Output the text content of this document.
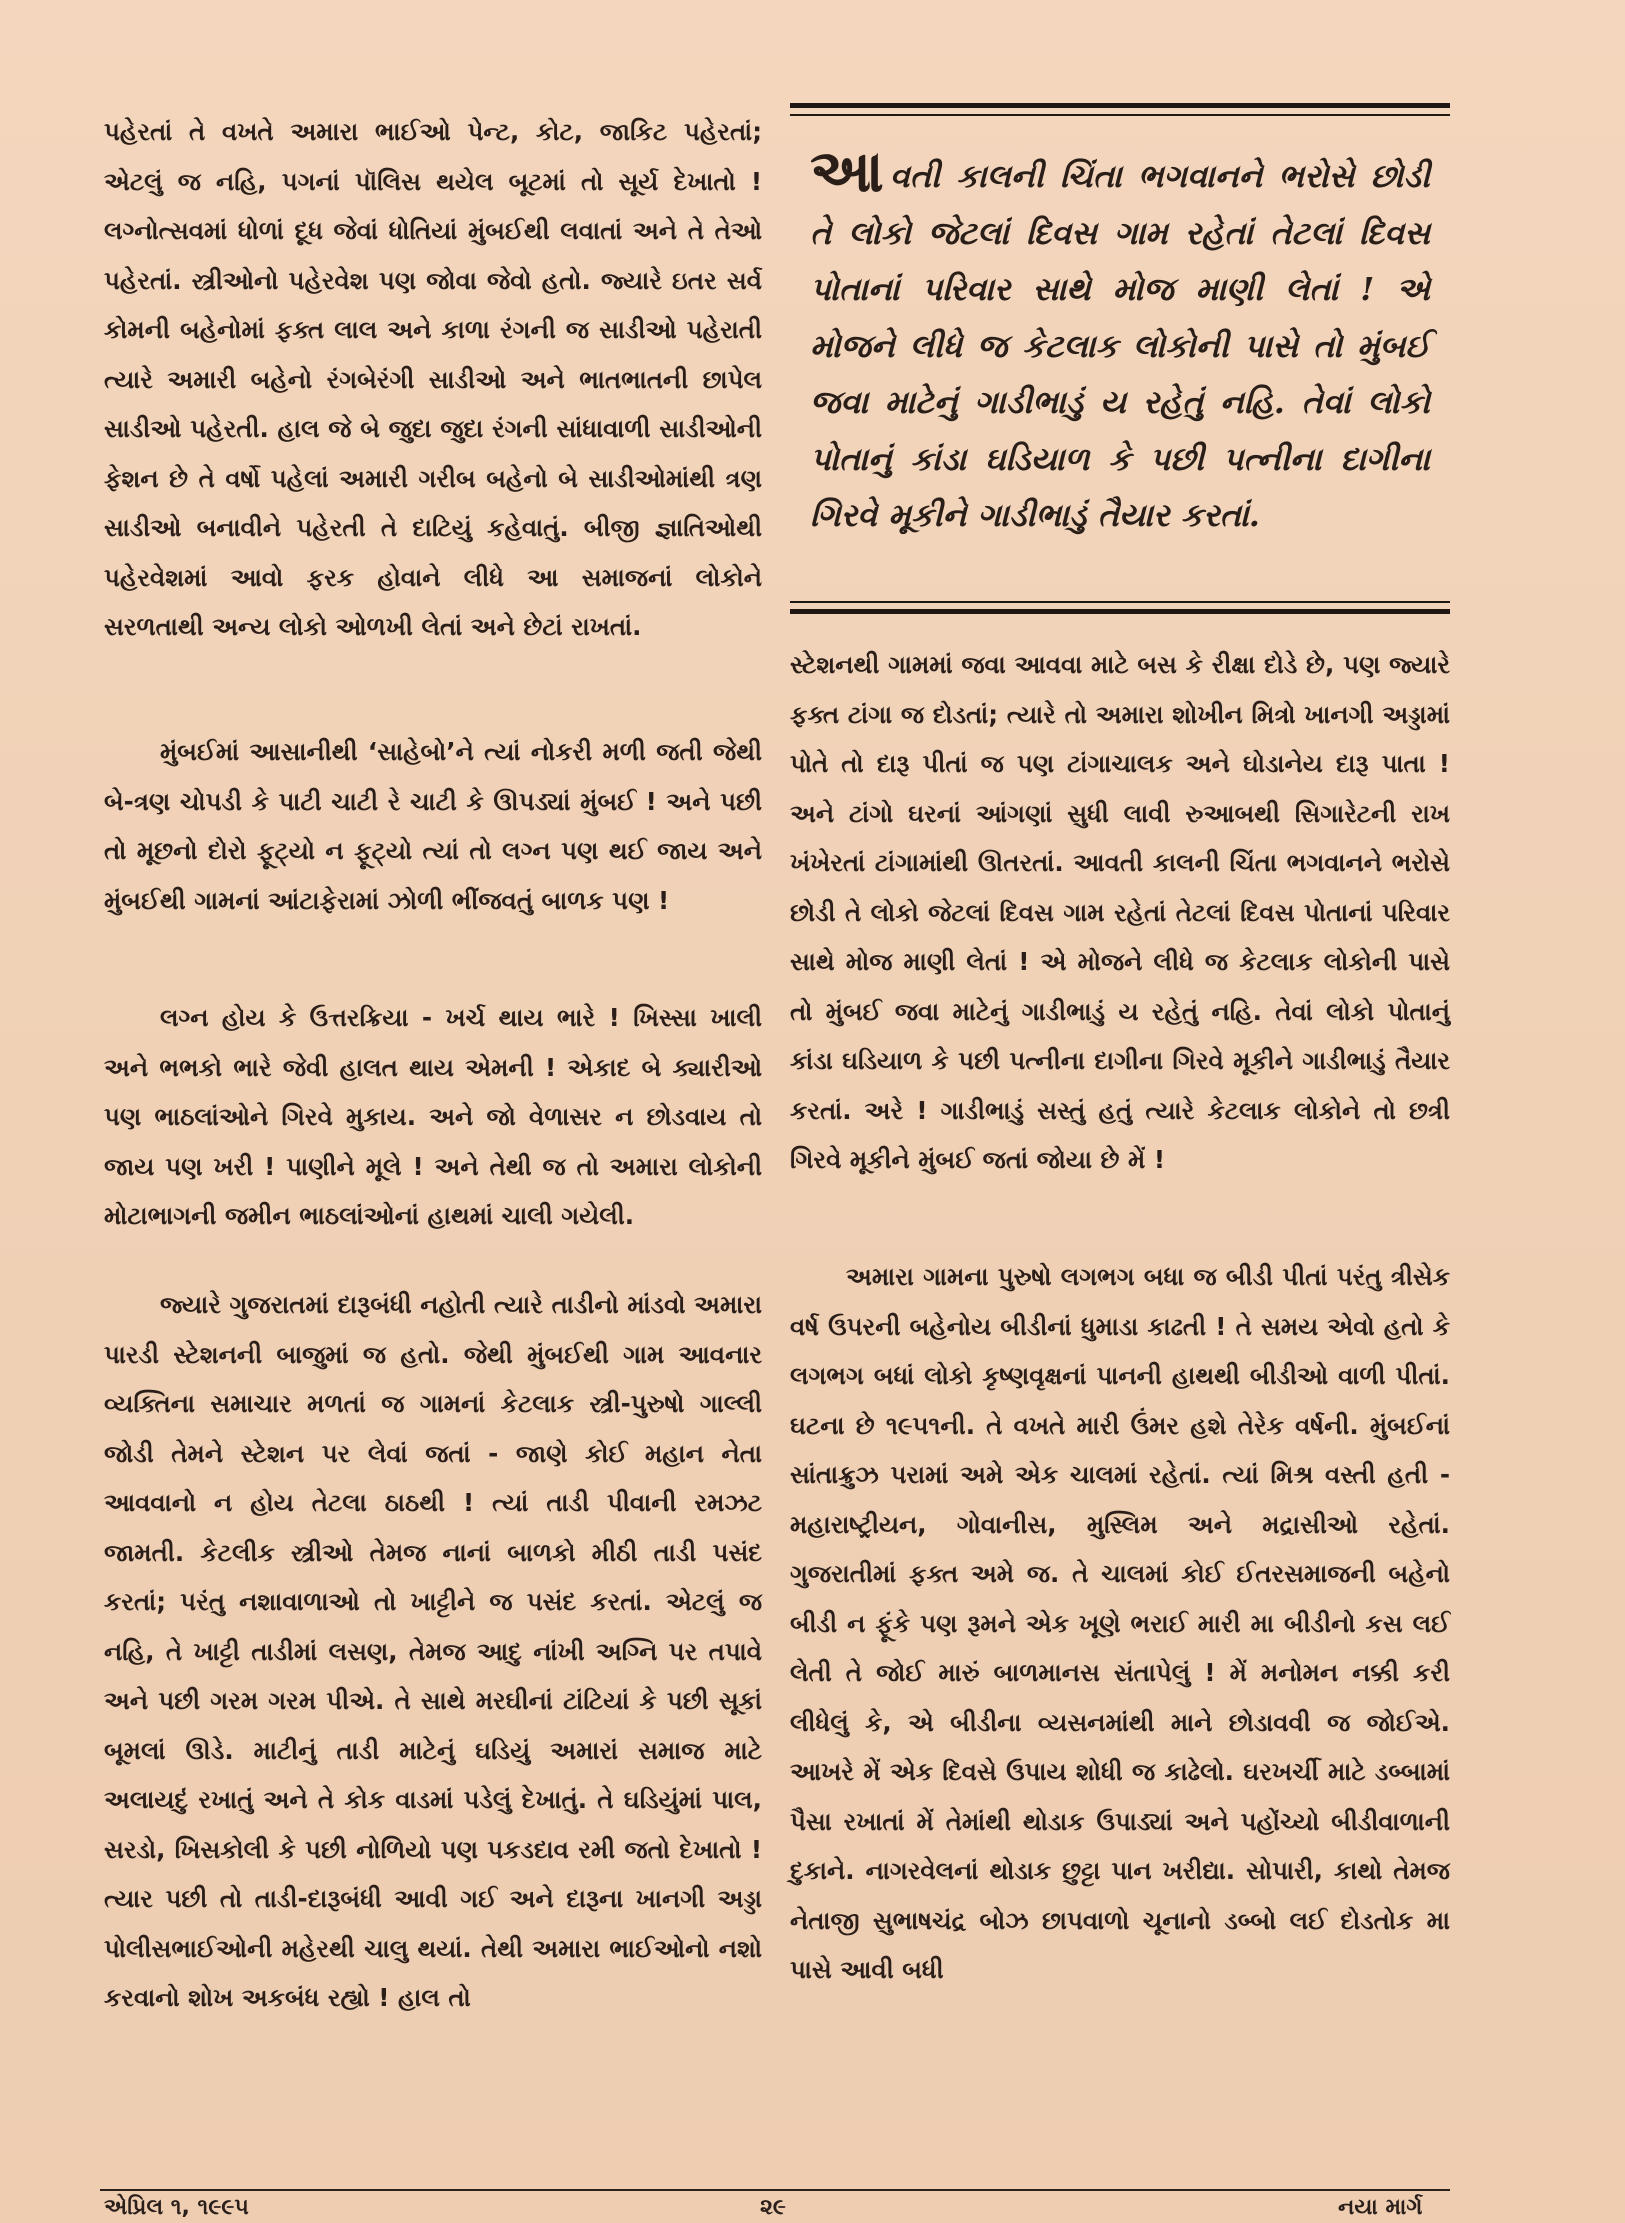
પહેરતાં તે વખતે અમારા ભાઈઓ પેન્ટ, કોટ, જાકિટ પહેરતાં; એટલું જ નહિ, પગનાં પૉલિસ થયેલ બૂટમાં તો સૂર્ય દેખાતો ! લગ્નોત્સવમાં ધોળાં દૂધ જેવાં ધોતિયાં મુંબઈથી લવાતાં અને તે તેઓ પહેરતાં. સ્ત્રીઓનો પહેરવેશ પણ જોવા જેવો હતો. જ્યારે ઇતર સર્વ કોમની બહેનોમાં ફક્ત લાલ અને કાળા રંગની જ સાડીઓ પહેરાતી ત્યારે અમારી બહેનો રંગબેરંગી સાડીઓ અને ભાતભાતની છાપેલ સાડીઓ પહેરતી. હાલ જે બે જુદા જુદા રંગની સાંધાવાળી સાડીઓની ફેશન છે તે વર્ષો પહેલાં અમારી ગરીબ બહેનો બે સાડીઓમાંથી ત્રણ સાડીઓ બનાવીને પહેરતી તે દાટિયું કહેવાતું. બીજી જ્ઞાતિઓથી પહેરવેશમાં આવો ફરક હોવાને લીધે આ સમાજનાં લોકોને સરળતાથી અન્ય લોકો ઓળખી લેતાં અને છેટાં રાખતાં.

મુંબઈમાં આસાનીથી ‘સાહેબો’ને ત્યાં નોકરી મળી જતી જેથી બે-ત્રણ ચોપડી કે પાટી ચાટી રે ચાટી કે ઊપડ્યાં મુંબઈ ! અને પછી તો મૂછનો દોરો ફૂટ્યો ન ફૂટ્યો ત્યાં તો લગ્ન પણ થઈ જાય અને મુંબઈથી ગામનાં આંટાફેરામાં ઝોળી ભીંજવતું બાળક પણ !

લગ્ન હોય કે ઉત્તરક્રિયા - ખર્ચ થાય ભારે ! ખિસ્સા ખાલી અને ભભકો ભારે જેવી હાલત થાય એમની ! એકાદ બે ક્યારીઓ પણ ભાઠલાંઓને ગિરવે મુકાય. અને જો વેળાસર ન છોડવાય તો જાય પણ ખરી ! પાણીને મૂલે ! અને તેથી જ તો અમારા લોકોની મોટાભાગની જમીન ભાઠલાંઓનાં હાથમાં ચાલી ગયેલી.

જ્યારે ગુજરાતમાં દારૂબંધી નહોતી ત્યારે તાડીનો માંડવો અમારા પારડી સ્ટેશનની બાજુમાં જ હતો. જેથી મુંબઈથી ગામ આવનાર વ્યક્તિના સમાચાર મળતાં જ ગામનાં કેટલાક સ્ત્રી-પુરુષો ગાલ્લી જોડી તેમને સ્ટેશન પર લેવાં જતાં - જાણે કોઈ મહાન નેતા આવવાનો ન હોય તેટલા ઠાઠથી ! ત્યાં તાડી પીવાની રમઝટ જામતી. કેટલીક સ્ત્રીઓ તેમજ નાનાં બાળકો મીઠી તાડી પસંદ કરતાં; પરંતુ નશાવાળાઓ તો ખાટ્ટીને જ પસંદ કરતાં. એટલું જ નહિ, તે ખાટ્ટી તાડીમાં લસણ, તેમજ આદુ નાંખી અગ્નિ પર તપાવે અને પછી ગરમ ગરમ પીએ. તે સાથે મરઘીનાં ટાંટિયાં કે પછી સૂકાં બૂમલાં ઊડે. માટીનું તાડી માટેનું ઘડિયું અમારાં સમાજ માટે અલાયદું રખાતું અને તે કોક વાડમાં પડેલું દેખાતું. તે ઘડિયુંમાં પાલ, સરડો, ખિસકોલી કે પછી નોળિયો પણ પકડદાવ રમી જતો દેખાતો ! ત્યાર પછી તો તાડી-દારૂબંધી આવી ગઈ અને દારૂના ખાનગી અડ્ડા પોલીસભાઈઓની મહેરથી ચાલુ થયાં. તેથી અમારા ભાઈઓનો નશો કરવાનો શોખ અકબંધ રહ્યો ! હાલ તો

આવતી કાલની ચિંતા ભગવાનને ભરોસે છોડી તે લોકો જેટલાં દિવસ ગામ રહેતાં તેટલાં દિવસ પોતાનાં પરિવાર સાથે મોજ માણી લેતાં ! એ મોજને લીધે જ કેટલાક લોકોની પાસે તો મુંબઈ જવા માટેનું ગાડીભાડું ય રહેતું નહિ. તેવાં લોકો પોતાનું કાંડા ઘડિયાળ કે પછી પત્નીના દાગીના ગિરવે મૂકીને ગાડીભાડું તૈયાર કરતાં.

સ્ટેશનથી ગામમાં જવા આવવા માટે બસ કે રીક્ષા દોડે છે, પણ જ્યારે ફક્ત ટાંગા જ દોડતાં; ત્યારે તો અમારા શોખીન મિત્રો ખાનગી અડ્ડામાં પોતે તો દારૂ પીતાં જ પણ ટાંગાચાલક અને ઘોડાનેય દારૂ પાતા ! અને ટાંગો ઘરનાં આંગણાં સુધી લાવી રુઆબથી સિગારેટની રાખ ખંખેરતાં ટાંગામાંથી ઊતરતાં. આવતી કાલની ચિંતા ભગવાનને ભરોસે છોડી તે લોકો જેટલાં દિવસ ગામ રહેતાં તેટલાં દિવસ પોતાનાં પરિવાર સાથે મોજ માણી લેતાં ! એ મોજને લીધે જ કેટલાક લોકોની પાસે તો મુંબઈ જવા માટેનું ગાડીભાડું ય રહેતું નહિ. તેવાં લોકો પોતાનું કાંડા ઘડિયાળ કે પછી પત્નીના દાગીના ગિરવે મૂકીને ગાડીભાડું તૈયાર કરતાં. અરે ! ગાડીભાડું સસ્તું હતું ત્યારે કેટલાક લોકોને તો છત્રી ગિરવે મૂકીને મુંબઈ જતાં જોયા છે મેં !

અમારા ગામના પુરુષો લગભગ બધા જ બીડી પીતાં પરંતુ ત્રીસેક વર્ષ ઉપરની બહેનોય બીડીનાં ધુમાડા કાઢતી ! તે સમય એવો હતો કે લગભગ બધાં લોકો કૃષ્ણવૃક્ષનાં પાનની હાથથી બીડીઓ વાળી પીતાં. ઘટના છે ૧૯૫૧ની. તે વખતે મારી ઉંમર હશે તેરેક વર્ષની. મુંબઈનાં સાંતાક્રુઝ પરામાં અમે એક ચાલમાં રહેતાં. ત્યાં મિશ્ર વસ્તી હતી - મહારાષ્ટ્રીયન, ગોવાનીસ, મુસ્લિમ અને મદ્રાસીઓ રહેતાં. ગુજરાતીમાં ફક્ત અમે જ. તે ચાલમાં કોઈ ઈતરસમાજની બહેનો બીડી ન ફૂંકે પણ રૂમને એક ખૂણે ભરાઈ મારી મા બીડીનો કસ લઈ લેતી તે જોઈ મારું બાળમાનસ સંતાપેલું ! મેં મનોમન નક્કી કરી લીધેલું કે, એ બીડીના વ્યસનમાંથી માને છોડાવવી જ જોઈએ. આખરે મેં એક દિવસે ઉપાય શોધી જ કાઢેલો. ઘરખર્ચી માટે ડબ્બામાં પૈસા રખાતાં મેં તેમાંથી થોડાક ઉપાડ્યાં અને પહોંચ્યો બીડીવાળાની દુકાને. નાગરવેલનાં થોડાક છુટ્ટા પાન ખરીદ્યા. સોપારી, કાથો તેમજ નેતાજી સુભાષચંદ્ર બોઝ છાપવાળો ચૂનાનો ડબ્બો લઈ દોડતોક મા પાસે આવી બધી

એપ્રિલ ૧, ૧૯૯૫	૨૯	નયા માર્ગ
